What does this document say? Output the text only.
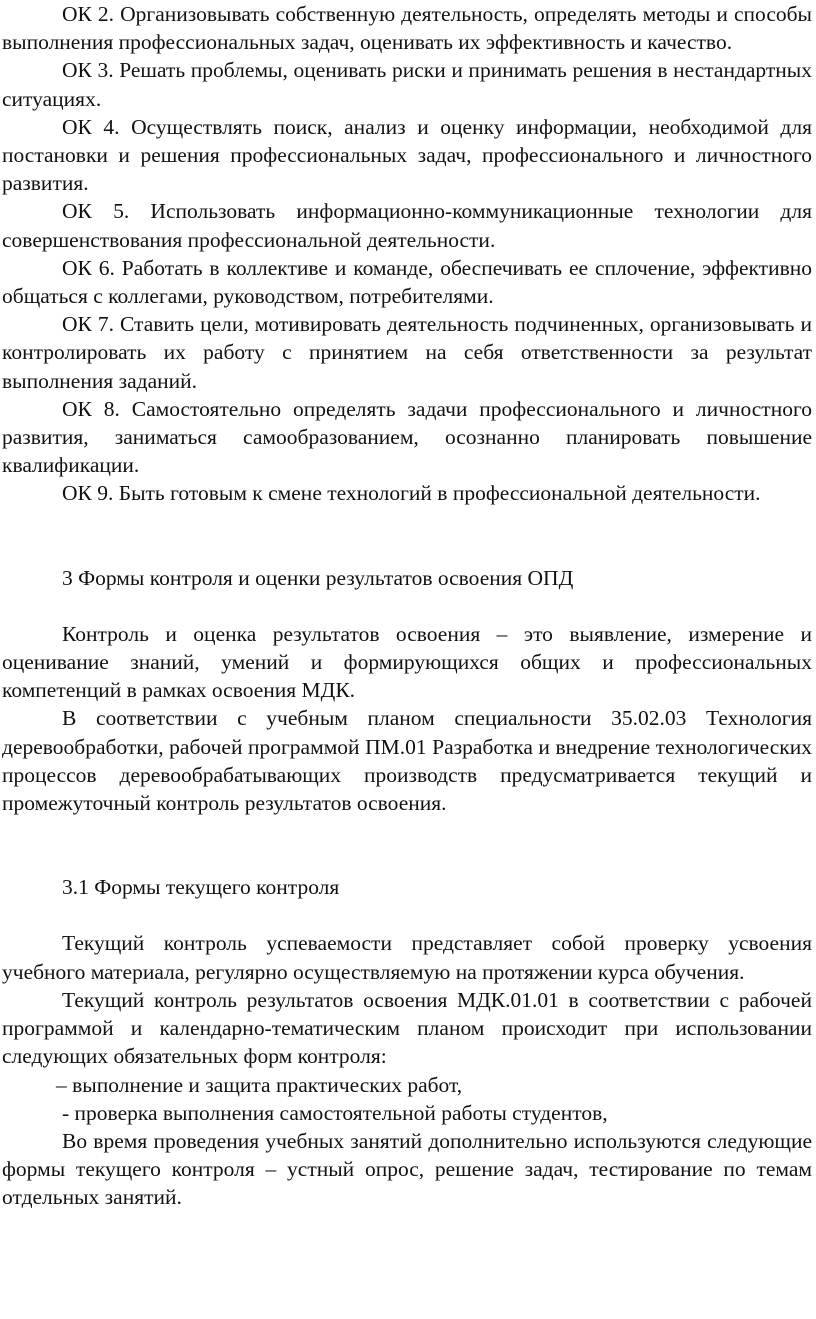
ОК 2. Организовывать собственную деятельность, определять методы и способы выполнения профессиональных задач, оценивать их эффективность и качество.

ОК 3. Решать проблемы, оценивать риски и принимать решения в нестандартных ситуациях.

ОК 4. Осуществлять поиск, анализ и оценку информации, необходимой для постановки и решения профессиональных задач, профессионального и личностного развития.

ОК 5. Использовать информационно-коммуникационные технологии для совершенствования профессиональной деятельности.

ОК 6. Работать в коллективе и команде, обеспечивать ее сплочение, эффективно общаться с коллегами, руководством, потребителями.

ОК 7. Ставить цели, мотивировать деятельность подчиненных, организовывать и контролировать их работу с принятием на себя ответственности за результат выполнения заданий.

ОК 8. Самостоятельно определять задачи профессионального и личностного развития, заниматься самообразованием, осознанно планировать повышение квалификации.

ОК 9. Быть готовым к смене технологий в профессиональной деятельности.

3 Формы контроля и оценки результатов освоения ОПД

Контроль и оценка результатов освоения – это выявление, измерение и оценивание знаний, умений и формирующихся общих и профессиональных компетенций в рамках освоения МДК.

В соответствии с учебным планом специальности 35.02.03 Технология деревообработки, рабочей программой ПМ.01 Разработка и внедрение технологических процессов деревообрабатывающих производств предусматривается текущий и промежуточный контроль результатов освоения.

3.1 Формы текущего контроля

Текущий контроль успеваемости представляет собой проверку усвоения учебного материала, регулярно осуществляемую на протяжении курса обучения.

Текущий контроль результатов освоения МДК.01.01 в соответствии с рабочей программой и календарно-тематическим планом происходит при использовании следующих обязательных форм контроля:

– выполнение и защита практических работ,

- проверка выполнения самостоятельной работы студентов,

Во время проведения учебных занятий дополнительно используются следующие формы текущего контроля – устный опрос, решение задач, тестирование по темам отдельных занятий.
